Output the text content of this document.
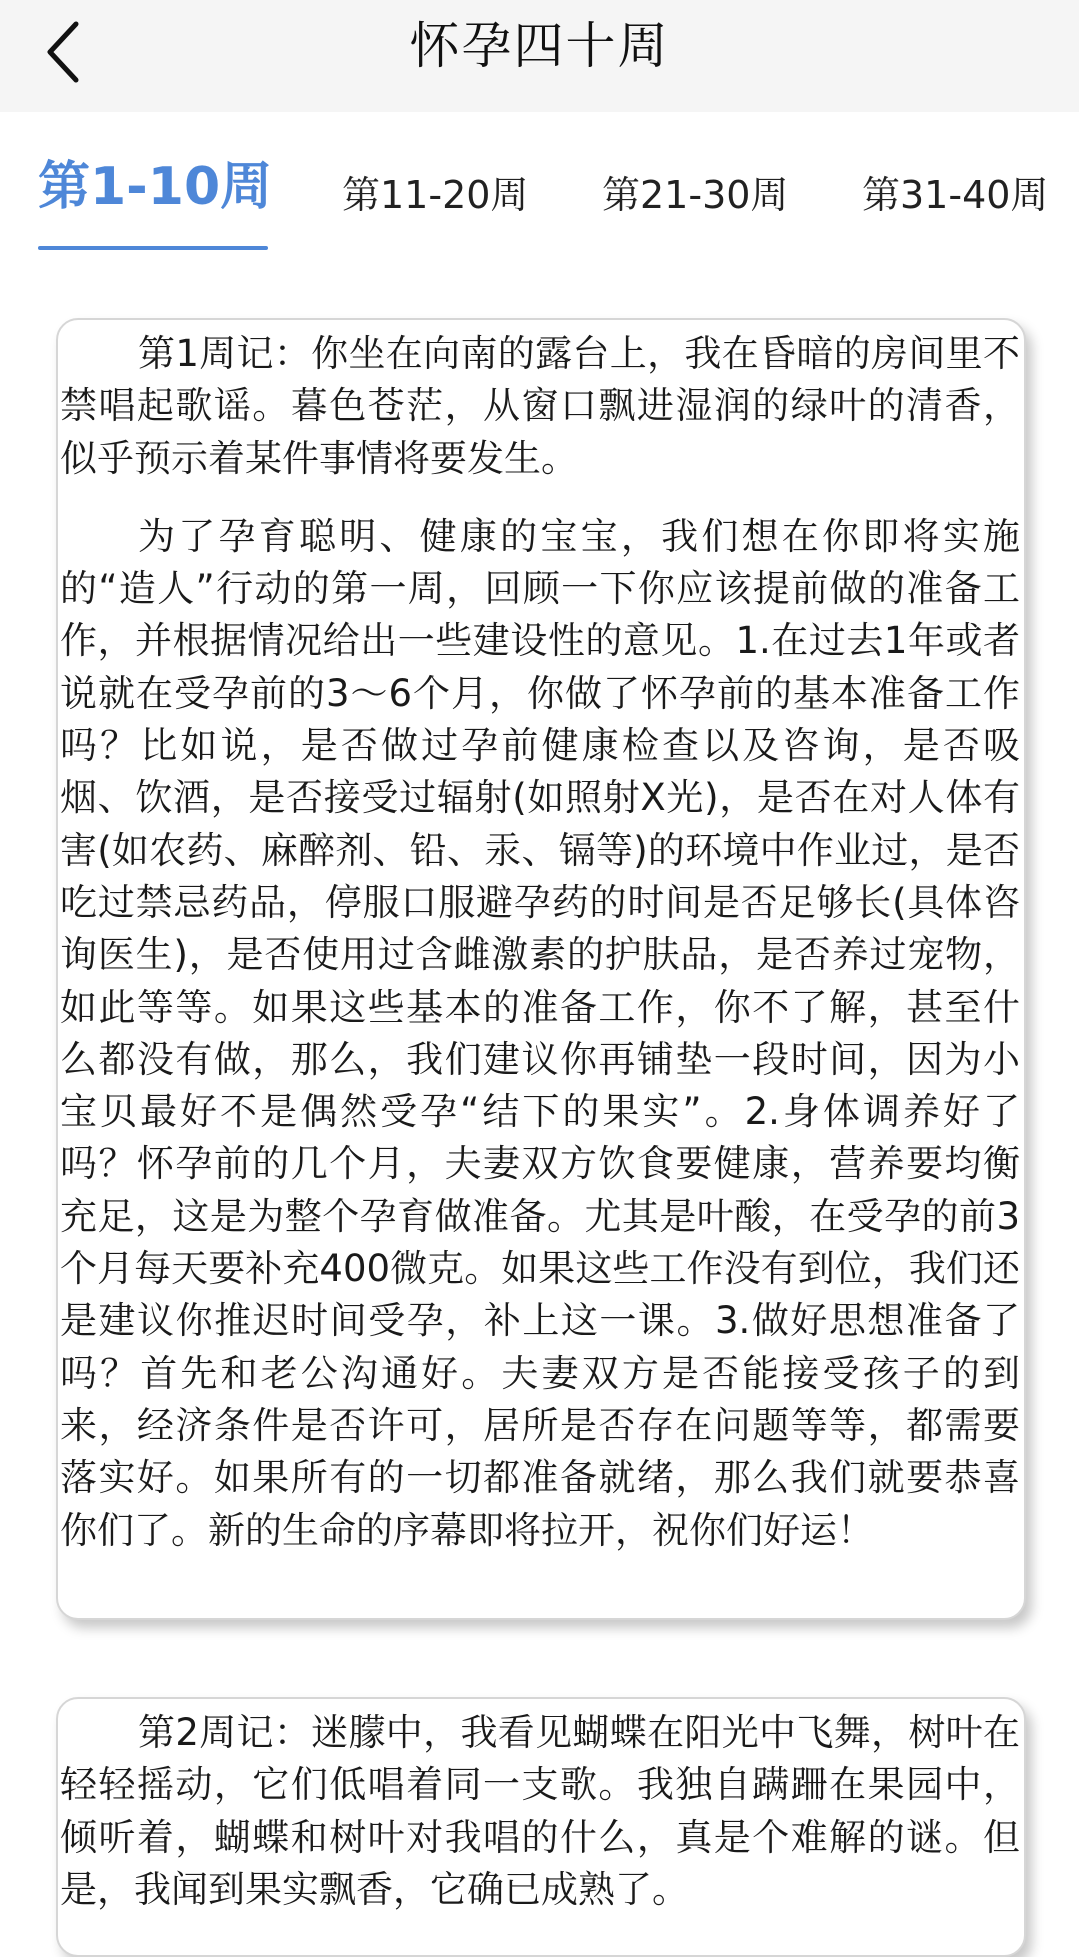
怀孕四十周
第1-10周 第11-20周 第21-30周 第31-40周

第1周记：你坐在向南的露台上，我在昏暗的房间里不禁唱起歌谣。暮色苍茫，从窗口飘进湿润的绿叶的清香，似乎预示着某件事情将要发生。

为了孕育聪明、健康的宝宝，我们想在你即将实施的“造人”行动的第一周，回顾一下你应该提前做的准备工作，并根据情况给出一些建设性的意见。1.在过去1年或者说就在受孕前的3～6个月，你做了怀孕前的基本准备工作吗？比如说，是否做过孕前健康检查以及咨询，是否吸烟、饮酒，是否接受过辐射(如照射X光)，是否在对人体有害(如农药、麻醉剂、铅、汞、镉等)的环境中作业过，是否吃过禁忌药品，停服口服避孕药的时间是否足够长(具体咨询医生)，是否使用过含雌激素的护肤品，是否养过宠物，如此等等。如果这些基本的准备工作，你不了解，甚至什么都没有做，那么，我们建议你再铺垫一段时间，因为小宝贝最好不是偶然受孕“结下的果实”。2.身体调养好了吗？怀孕前的几个月，夫妻双方饮食要健康，营养要均衡充足，这是为整个孕育做准备。尤其是叶酸，在受孕的前3个月每天要补充400微克。如果这些工作没有到位，我们还是建议你推迟时间受孕，补上这一课。3.做好思想准备了吗？首先和老公沟通好。夫妻双方是否能接受孩子的到来，经济条件是否许可，居所是否存在问题等等，都需要落实好。如果所有的一切都准备就绪，那么我们就要恭喜你们了。新的生命的序幕即将拉开，祝你们好运！

第2周记：迷朦中，我看见蝴蝶在阳光中飞舞，树叶在轻轻摇动，它们低唱着同一支歌。我独自蹒跚在果园中，倾听着，蝴蝶和树叶对我唱的什么，真是个难解的谜。但是，我闻到果实飘香，它确已成熟了。
